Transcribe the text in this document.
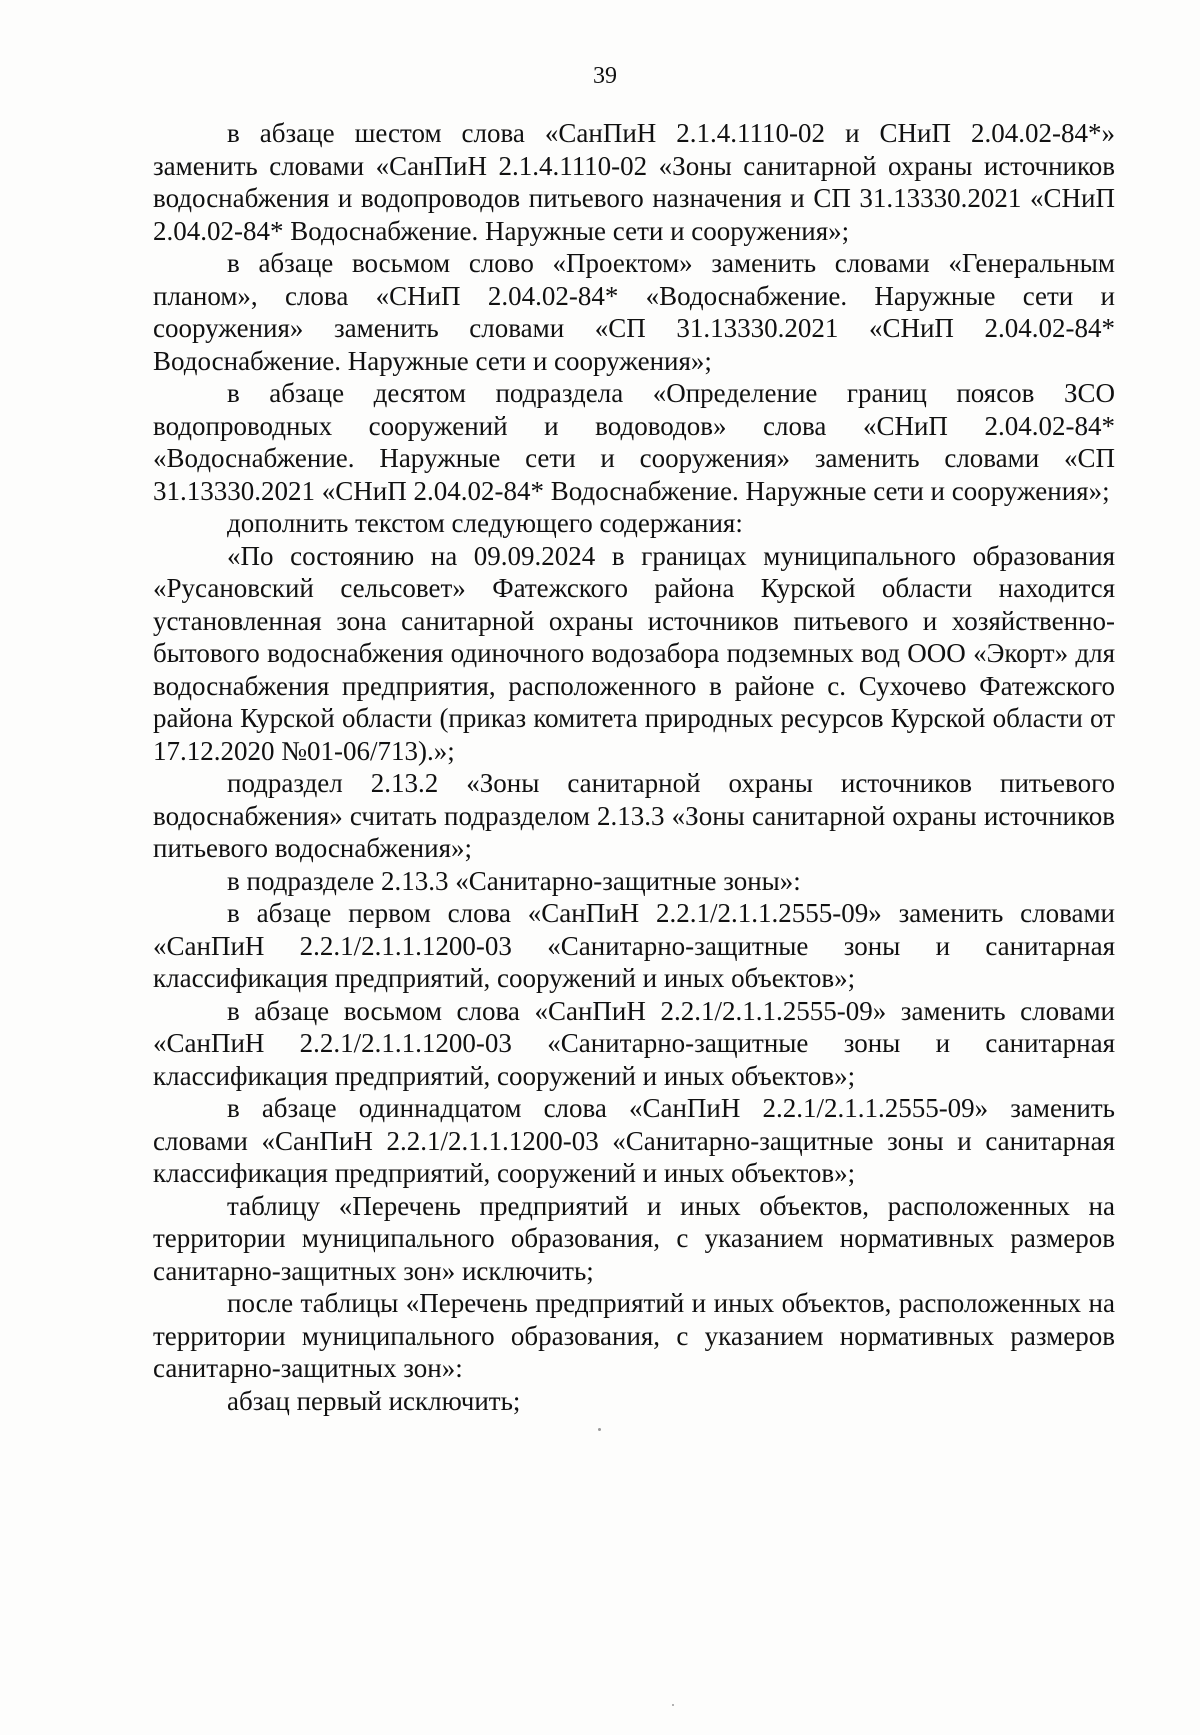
39

в абзаце шестом слова «СанПиН 2.1.4.1110-02 и СНиП 2.04.02-84*» заменить словами «СанПиН 2.1.4.1110-02 «Зоны санитарной охраны источников водоснабжения и водопроводов питьевого назначения и СП 31.13330.2021 «СНиП 2.04.02-84* Водоснабжение. Наружные сети и сооружения»;

в абзаце восьмом слово «Проектом» заменить словами «Генеральным планом», слова «СНиП 2.04.02-84* «Водоснабжение. Наружные сети и сооружения» заменить словами «СП 31.13330.2021 «СНиП 2.04.02-84* Водоснабжение. Наружные сети и сооружения»;

в абзаце десятом подраздела «Определение границ поясов ЗСО водопроводных сооружений и водоводов» слова «СНиП 2.04.02-84* «Водоснабжение. Наружные сети и сооружения» заменить словами «СП 31.13330.2021 «СНиП 2.04.02-84* Водоснабжение. Наружные сети и сооружения»;

дополнить текстом следующего содержания:

«По состоянию на 09.09.2024 в границах муниципального образования «Русановский сельсовет» Фатежского района Курской области находится установленная зона санитарной охраны источников питьевого и хозяйственно-бытового водоснабжения одиночного водозабора подземных вод ООО «Экорт» для водоснабжения предприятия, расположенного в районе с. Сухочево Фатежского района Курской области (приказ комитета природных ресурсов Курской области от 17.12.2020 №01-06/713).»;

подраздел 2.13.2 «Зоны санитарной охраны источников питьевого водоснабжения» считать подразделом 2.13.3 «Зоны санитарной охраны источников питьевого водоснабжения»;

в подразделе 2.13.3 «Санитарно-защитные зоны»:

в абзаце первом слова «СанПиН 2.2.1/2.1.1.2555-09» заменить словами «СанПиН 2.2.1/2.1.1.1200-03 «Санитарно-защитные зоны и санитарная классификация предприятий, сооружений и иных объектов»;

в абзаце восьмом слова «СанПиН 2.2.1/2.1.1.2555-09» заменить словами «СанПиН 2.2.1/2.1.1.1200-03 «Санитарно-защитные зоны и санитарная классификация предприятий, сооружений и иных объектов»;

в абзаце одиннадцатом слова «СанПиН 2.2.1/2.1.1.2555-09» заменить словами «СанПиН 2.2.1/2.1.1.1200-03 «Санитарно-защитные зоны и санитарная классификация предприятий, сооружений и иных объектов»;

таблицу «Перечень предприятий и иных объектов, расположенных на территории муниципального образования, с указанием нормативных размеров санитарно-защитных зон» исключить;

после таблицы «Перечень предприятий и иных объектов, расположенных на территории муниципального образования, с указанием нормативных размеров санитарно-защитных зон»:

абзац первый исключить;
